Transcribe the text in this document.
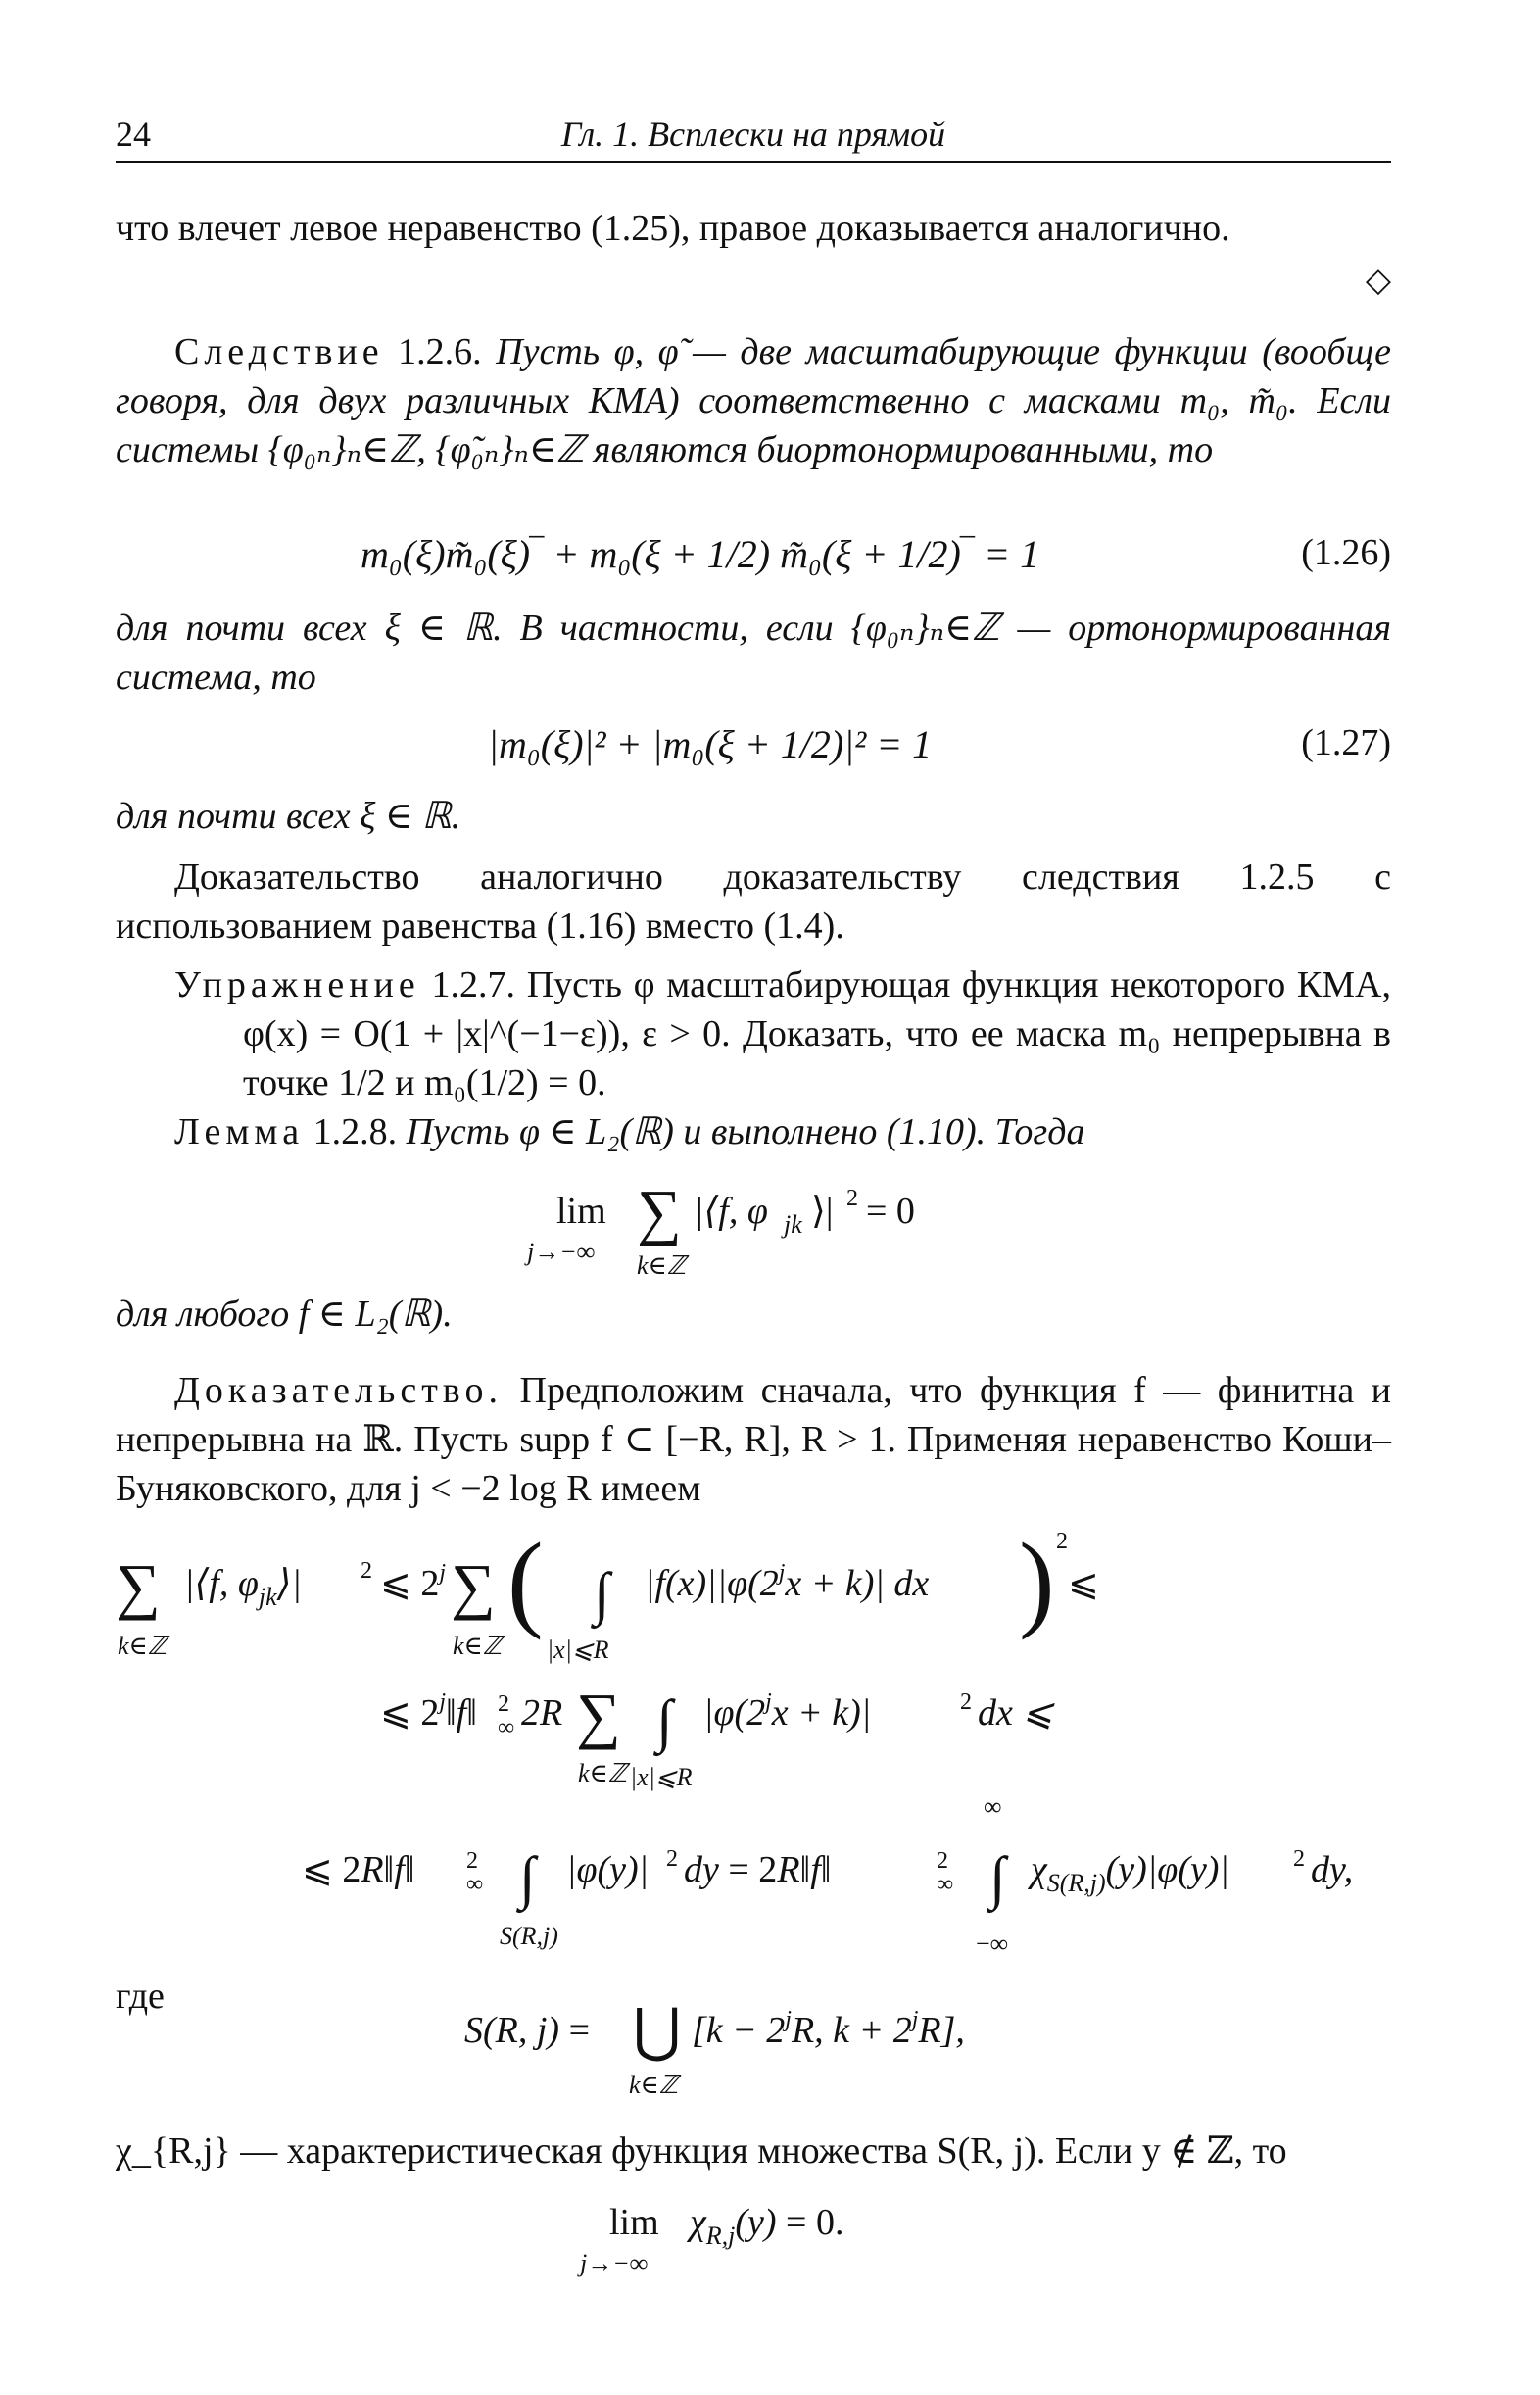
24	Гл. 1. Всплески на прямой
что влечет левое неравенство (1.25), правое доказывается аналогично.
◇
Следствие 1.2.6. Пусть φ, φ̃ — две масштабирующие функции (вообще говоря, для двух различных КМА) соответственно с масками m₀, m̃₀. Если системы {φ₀ₙ}ₙ∈ℤ, {φ̃₀ₙ}ₙ∈ℤ являются биортонормированными, то
m₀(ξ)m̃₀(ξ)‾ + m₀(ξ + 1/2) m̃₀(ξ + 1/2)‾ = 1	(1.26)
для почти всех ξ ∈ ℝ. В частности, если {φ₀ₙ}ₙ∈ℤ — ортонормированная система, то
|m₀(ξ)|² + |m₀(ξ + 1/2)|² = 1	(1.27)
для почти всех ξ ∈ ℝ.
Доказательство аналогично доказательству следствия 1.2.5 с использованием равенства (1.16) вместо (1.4).
Упражнение 1.2.7. Пусть φ масштабирующая функция некоторого КМА, φ(x) = O(1 + |x|^(−1−ε)), ε > 0. Доказать, что ее маска m₀ непрерывна в точке 1/2 и m₀(1/2) = 0.
Лемма 1.2.8. Пусть φ ∈ L₂(ℝ) и выполнено (1.10). Тогда
lim
j→−∞
∑
k∈ℤ
|⟨f, φ jk ⟩| 2 = 0
для любого f ∈ L₂(ℝ).
Доказательство. Предположим сначала, что функция f — финитна и непрерывна на ℝ. Пусть supp f ⊂ [−R, R], R > 1. Применяя неравенство Коши–Буняковского, для j < −2 log R имеем
∑
k∈ℤ
|⟨f, $\varphi_{jk}⟩|$	2 ⩽ 2$^j$ ∑
k∈ℤ
( ∫
|x|⩽R
$|f(x)||\varphi(2^jx + k)|$ dx ) 2
⩽
⩽ 2$^j$‖f‖ 2
∞ 2R ∑
k∈ℤ
∫
|x|⩽R
$|\varphi(2^jx + k)|$	2 dx ⩽
⩽ 2R‖f‖ 2
∞ ∫
S(R,j)
|φ(y)| 2 dy = 2R‖f‖	2
∞ ∫
∞
−∞
$\chi_{S(R,j)}(y)|\varphi(y)|$	2 dy,
где
S(R, j) = ⋃
k∈ℤ
[$k - 2^jR$, $k + 2^jR$],
χ_{R,j} — характеристическая функция множества S(R, j). Если y ∉ ℤ, то
lim
j→−∞
$\chi_{R,j}(y) = 0$.
